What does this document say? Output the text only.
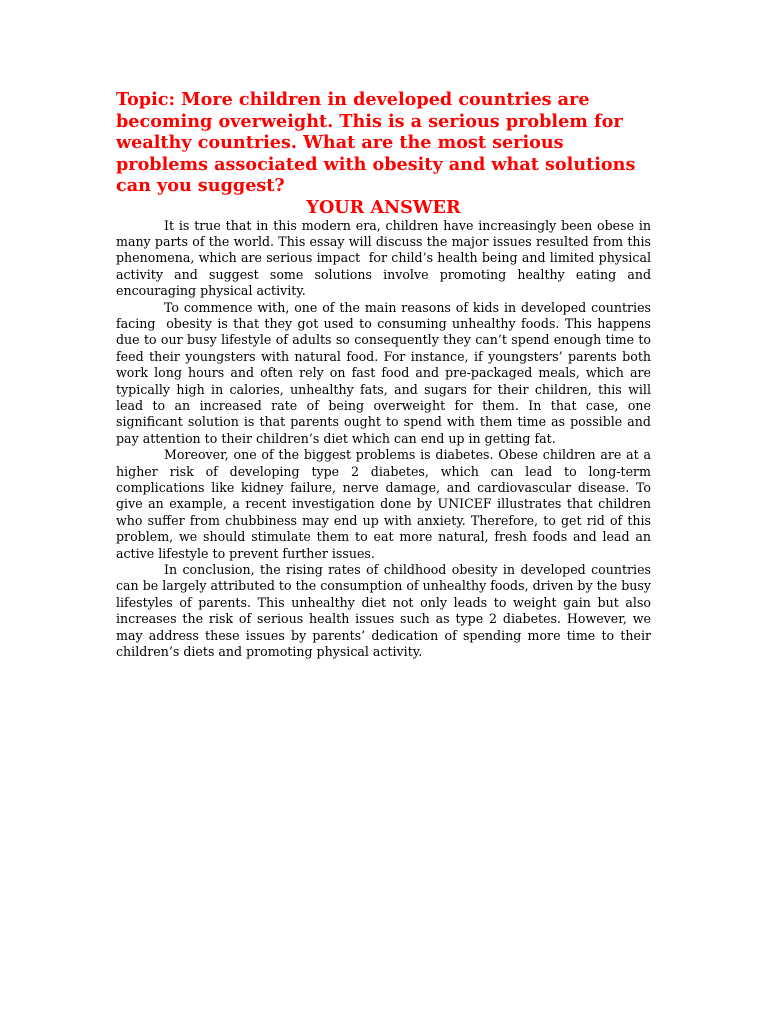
Topic: More children in developed countries are becoming overweight. This is a serious problem for wealthy countries. What are the most serious problems associated with obesity and what solutions can you suggest?

YOUR ANSWER

It is true that in this modern era, children have increasingly been obese in many parts of the world. This essay will discuss the major issues resulted from this phenomena, which are serious impact  for child’s health being and limited physical activity and suggest some solutions involve promoting healthy eating and encouraging physical activity.

To commence with, one of the main reasons of kids in developed countries facing  obesity is that they got used to consuming unhealthy foods. This happens due to our busy lifestyle of adults so consequently they can’t spend enough time to feed their youngsters with natural food. For instance, if youngsters’ parents both work long hours and often rely on fast food and pre-packaged meals, which are typically high in calories, unhealthy fats, and sugars for their children, this will lead to an increased rate of being overweight for them. In that case, one significant solution is that parents ought to spend with them time as possible and pay attention to their children’s diet which can end up in getting fat.

Moreover, one of the biggest problems is diabetes. Obese children are at a higher risk of developing type 2 diabetes, which can lead to long-term complications like kidney failure, nerve damage, and cardiovascular disease. To give an example, a recent investigation done by UNICEF illustrates that children who suffer from chubbiness may end up with anxiety. Therefore, to get rid of this problem, we should stimulate them to eat more natural, fresh foods and lead an active lifestyle to prevent further issues.

In conclusion, the rising rates of childhood obesity in developed countries can be largely attributed to the consumption of unhealthy foods, driven by the busy lifestyles of parents. This unhealthy diet not only leads to weight gain but also increases the risk of serious health issues such as type 2 diabetes. However, we may address these issues by parents’ dedication of spending more time to their children’s diets and promoting physical activity.
